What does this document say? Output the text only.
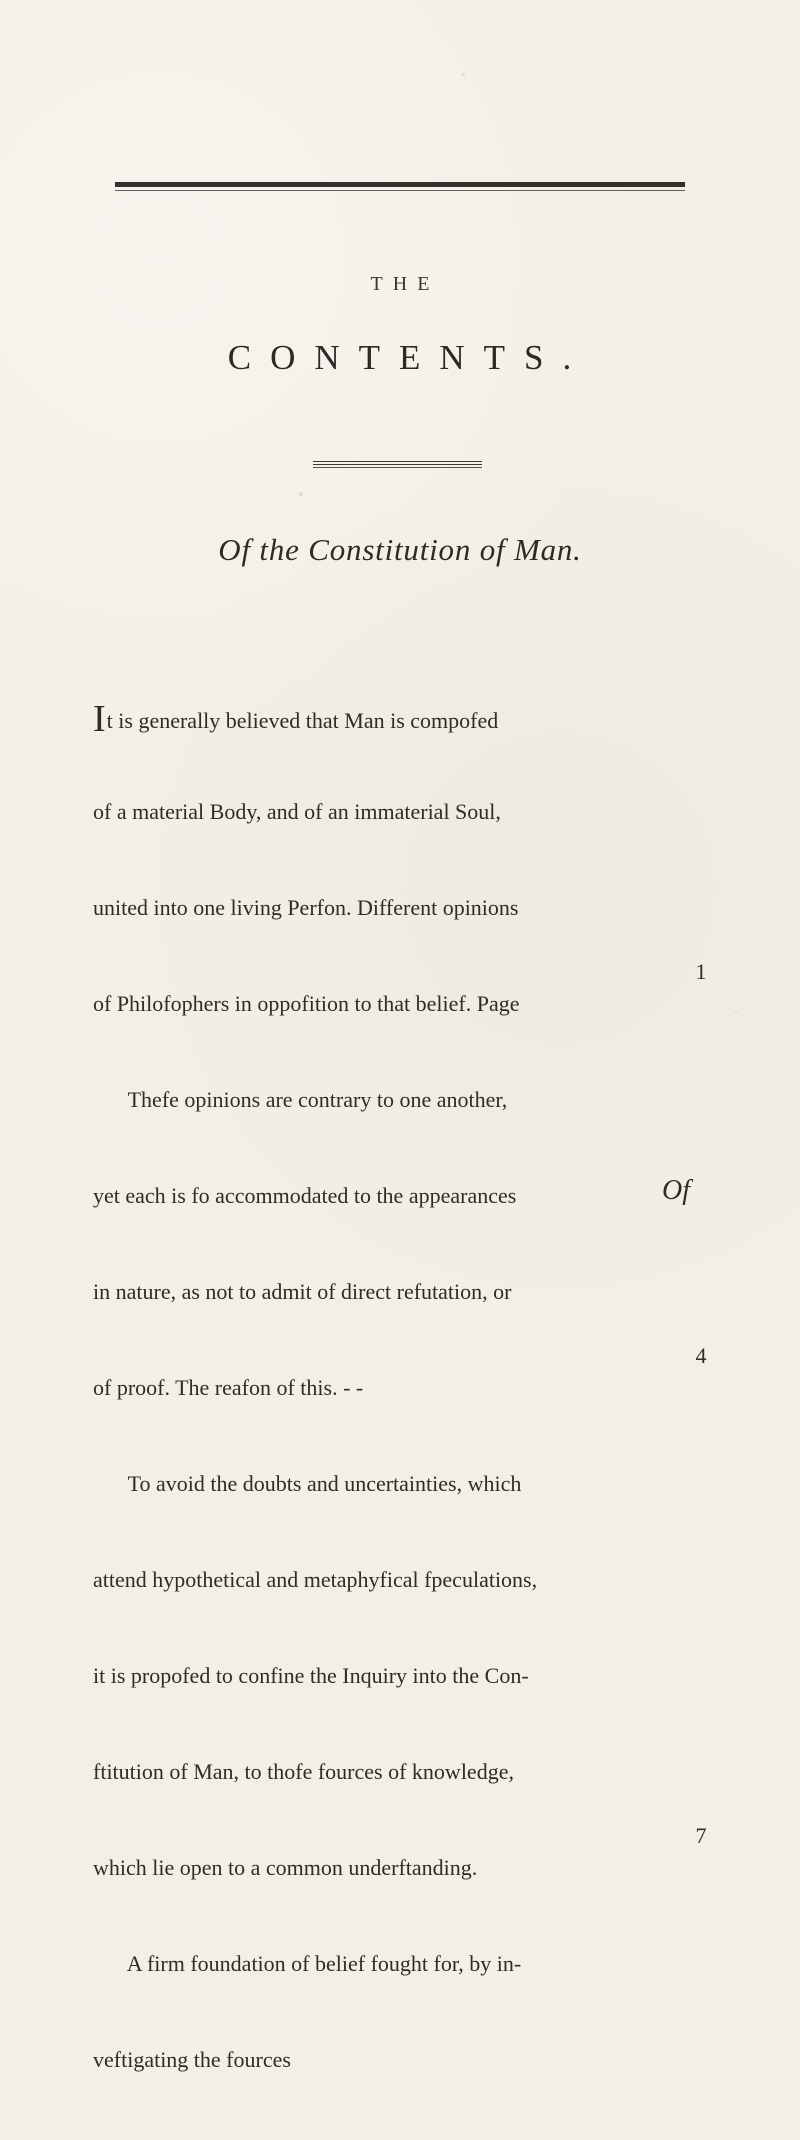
THE
CONTENTS.
Of the Constitution of Man.

It is generally believed that Man is compofed

of a material Body, and of an immaterial Soul,

united into one living Perfon. Different opinions

of Philofophers in oppofition to that belief. Page

1

Thefe opinions are contrary to one another,

yet each is fo accommodated to the appearances

in nature, as not to admit of direct refutation, or

of proof. The reafon of this. - -

4

To avoid the doubts and uncertainties, which

attend hypothetical and metaphyfical fpeculations,

it is propofed to confine the Inquiry into the Con-

ftitution of Man, to thofe fources of knowledge,

which lie open to a common underftanding.

7

A firm foundation of belief fought for, by in-

veftigating the fources

Of
